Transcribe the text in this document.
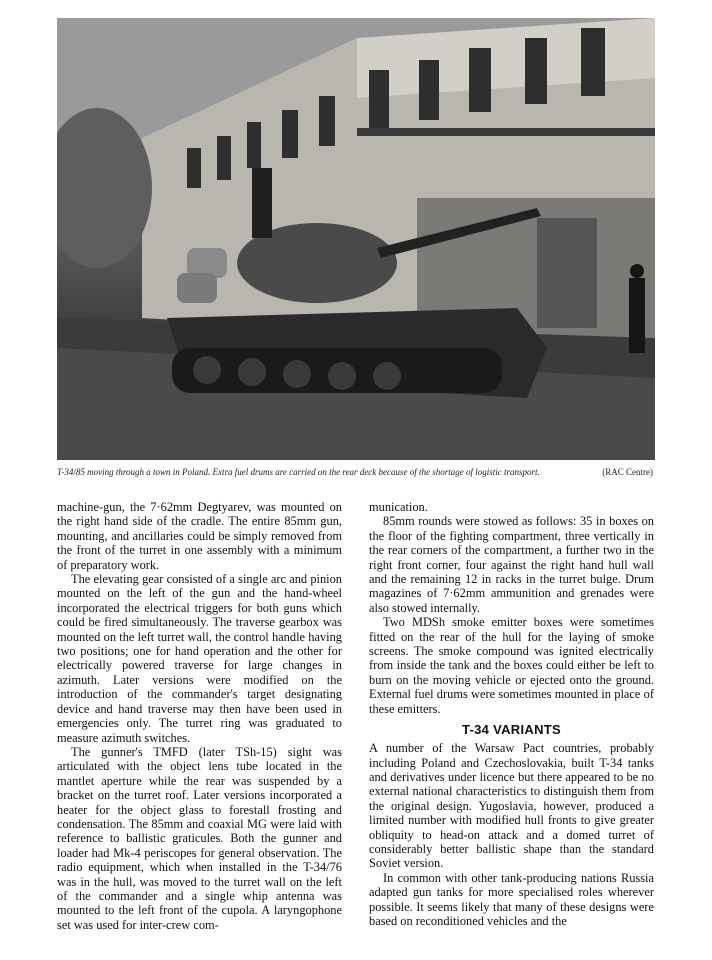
T-34/85 moving through a town in Poland. Extra fuel drums are carried on the rear deck because of the shortage of logistic transport.	(RAC Centre)

machine-gun, the 7·62mm Degtyarev, was mounted on the right hand side of the cradle. The entire 85mm gun, mounting, and ancillaries could be simply removed from the front of the turret in one assembly with a minimum of preparatory work.

The elevating gear consisted of a single arc and pinion mounted on the left of the gun and the hand-wheel incorporated the electrical triggers for both guns which could be fired simultaneously. The traverse gearbox was mounted on the left turret wall, the control handle having two positions; one for hand operation and the other for electrically powered traverse for large changes in azimuth. Later versions were modified on the introduction of the commander's target designating device and hand traverse may then have been used in emergencies only. The turret ring was graduated to measure azimuth switches.

The gunner's TMFD (later TSh-15) sight was articulated with the object lens tube located in the mantlet aperture while the rear was suspended by a bracket on the turret roof. Later versions incorporated a heater for the object glass to forestall frosting and condensation. The 85mm and coaxial MG were laid with reference to ballistic graticules. Both the gunner and loader had Mk-4 periscopes for general observation. The radio equipment, which when installed in the T-34/76 was in the hull, was moved to the turret wall on the left of the commander and a single whip antenna was mounted to the left front of the cupola. A laryngophone set was used for inter-crew com-

munication.

85mm rounds were stowed as follows: 35 in boxes on the floor of the fighting compartment, three vertically in the rear corners of the compartment, a further two in the right front corner, four against the right hand hull wall and the remaining 12 in racks in the turret bulge. Drum magazines of 7·62mm ammunition and grenades were also stowed internally.

Two MDSh smoke emitter boxes were sometimes fitted on the rear of the hull for the laying of smoke screens. The smoke compound was ignited electrically from inside the tank and the boxes could either be left to burn on the moving vehicle or ejected onto the ground. External fuel drums were sometimes mounted in place of these emitters.

T-34 VARIANTS

A number of the Warsaw Pact countries, probably including Poland and Czechoslovakia, built T-34 tanks and derivatives under licence but there appeared to be no external national characteristics to distinguish them from the original design. Yugoslavia, however, produced a limited number with modified hull fronts to give greater obliquity to head-on attack and a domed turret of considerably better ballistic shape than the standard Soviet version.

In common with other tank-producing nations Russia adapted gun tanks for more specialised roles wherever possible. It seems likely that many of these designs were based on reconditioned vehicles and the
